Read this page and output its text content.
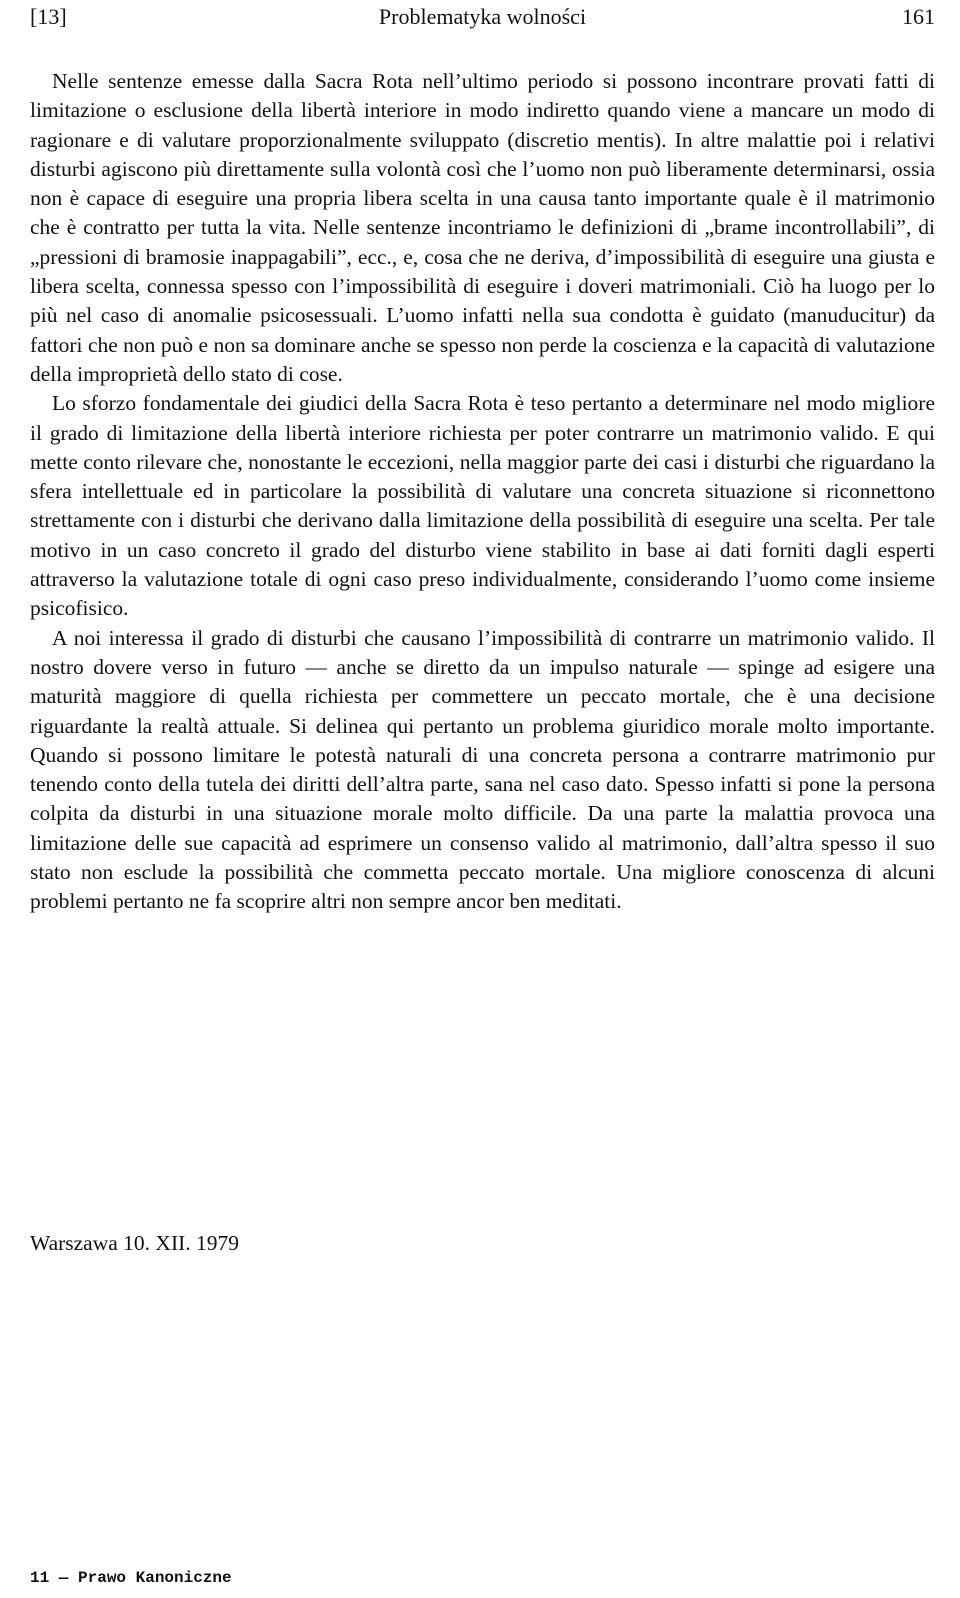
[13]	Problematyka wolności	161

Nelle sentenze emesse dalla Sacra Rota nell’ultimo periodo si possono incontrare provati fatti di limitazione o esclusione della libertà interiore in modo indiretto quando viene a mancare un modo di ragionare e di valutare proporzionalmente sviluppato (discretio mentis). In altre malattie poi i relativi disturbi agiscono più direttamente sulla volontà così che l’uomo non può liberamente determinarsi, ossia non è capace di eseguire una propria libera scelta in una causa tanto importante quale è il matrimonio che è contratto per tutta la vita. Nelle sentenze incontriamo le definizioni di „brame incontrollabili”, di „pressioni di bramosie inappagabili”, ecc., e, cosa che ne deriva, d’impossibilità di eseguire una giusta e libera scelta, connessa spesso con l’impossibilità di eseguire i doveri matrimoniali. Ciò ha luogo per lo più nel caso di anomalie psicosessuali. L’uomo infatti nella sua condotta è guidato (manuducitur) da fattori che non può e non sa dominare anche se spesso non perde la coscienza e la capacità di valutazione della improprietà dello stato di cose.

Lo sforzo fondamentale dei giudici della Sacra Rota è teso pertanto a determinare nel modo migliore il grado di limitazione della libertà interiore richiesta per poter contrarre un matrimonio valido. E qui mette conto rilevare che, nonostante le eccezioni, nella maggior parte dei casi i disturbi che riguardano la sfera intellettuale ed in particolare la possibilità di valutare una concreta situazione si riconnettono strettamente con i disturbi che derivano dalla limitazione della possibilità di eseguire una scelta. Per tale motivo in un caso concreto il grado del disturbo viene stabilito in base ai dati forniti dagli esperti attraverso la valutazione totale di ogni caso preso individualmente, considerando l’uomo come insieme psicofisico.

A noi interessa il grado di disturbi che causano l’impossibilità di contrarre un matrimonio valido. Il nostro dovere verso in futuro — anche se diretto da un impulso naturale — spinge ad esigere una maturità maggiore di quella richiesta per commettere un peccato mortale, che è una decisione riguardante la realtà attuale. Si delinea qui pertanto un problema giuridico morale molto importante. Quando si possono limitare le potestà naturali di una concreta persona a contrarre matrimonio pur tenendo conto della tutela dei diritti dell’altra parte, sana nel caso dato. Spesso infatti si pone la persona colpita da disturbi in una situazione morale molto difficile. Da una parte la malattia provoca una limitazione delle sue capacità ad esprimere un consenso valido al matrimonio, dall’altra spesso il suo stato non esclude la possibilità che commetta peccato mortale. Una migliore conoscenza di alcuni problemi pertanto ne fa scoprire altri non sempre ancor ben meditati.

Warszawa 10. XII. 1979
11 — Prawo Kanoniczne
